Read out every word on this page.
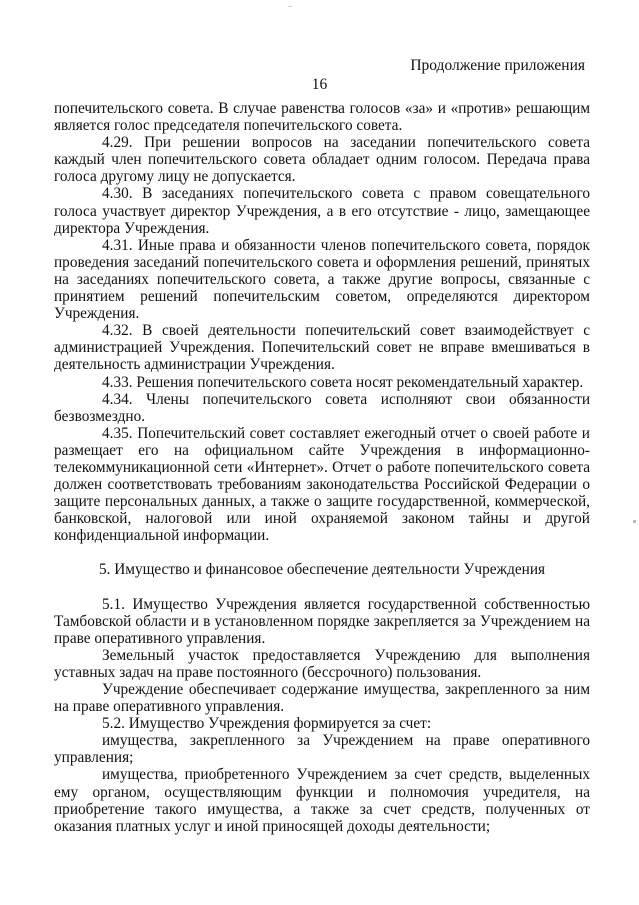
Продолжение приложения
16

попечительского совета. В случае равенства голосов «за» и «против» решающим является голос председателя попечительского совета.

4.29. При решении вопросов на заседании попечительского совета каждый член попечительского совета обладает одним голосом. Передача права голоса другому лицу не допускается.

4.30. В заседаниях попечительского совета с правом совещательного голоса участвует директор Учреждения, а в его отсутствие - лицо, замещающее директора Учреждения.

4.31. Иные права и обязанности членов попечительского совета, порядок проведения заседаний попечительского совета и оформления решений, принятых на заседаниях попечительского совета, а также другие вопросы, связанные с принятием решений попечительским советом, определяются директором Учреждения.

4.32. В своей деятельности попечительский совет взаимодействует с администрацией Учреждения. Попечительский совет не вправе вмешиваться в деятельность администрации Учреждения.

4.33. Решения попечительского совета носят рекомендательный характер.

4.34. Члены попечительского совета исполняют свои обязанности безвозмездно.

4.35. Попечительский совет составляет ежегодный отчет о своей работе и размещает его на официальном сайте Учреждения в информационно-телекоммуникационной сети «Интернет». Отчет о работе попечительского совета должен соответствовать требованиям законодательства Российской Федерации о защите персональных данных, а также о защите государственной, коммерческой, банковской, налоговой или иной охраняемой законом тайны и другой конфиденциальной информации.

5. Имущество и финансовое обеспечение деятельности Учреждения

5.1. Имущество Учреждения является государственной собственностью Тамбовской области и в установленном порядке закрепляется за Учреждением на праве оперативного управления.

Земельный участок предоставляется Учреждению для выполнения уставных задач на праве постоянного (бессрочного) пользования.

Учреждение обеспечивает содержание имущества, закрепленного за ним на праве оперативного управления.

5.2. Имущество Учреждения формируется за счет:

имущества, закрепленного за Учреждением на праве оперативного управления;

имущества, приобретенного Учреждением за счет средств, выделенных ему органом, осуществляющим функции и полномочия учредителя, на приобретение такого имущества, а также за счет средств, полученных от оказания платных услуг и иной приносящей доходы деятельности;
